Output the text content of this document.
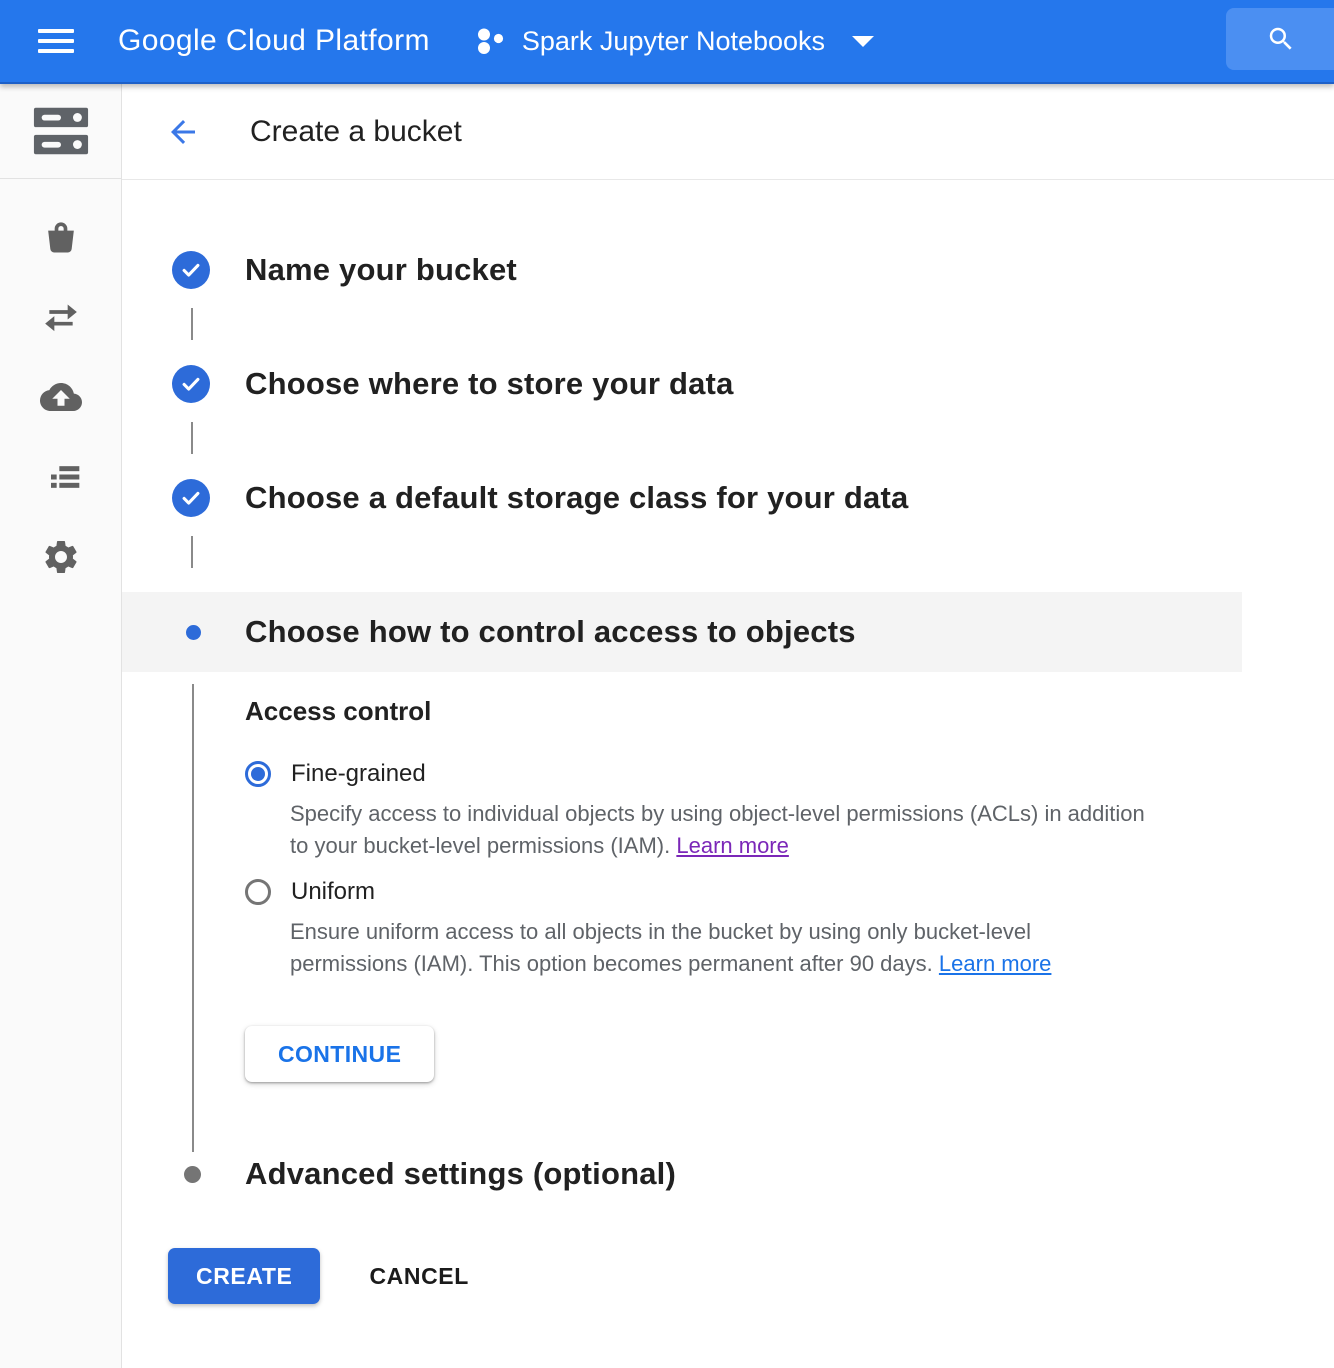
Google Cloud Platform	Spark Jupyter Notebooks
Create a bucket
Name your bucket
Choose where to store your data
Choose a default storage class for your data
Choose how to control access to objects
Access control
Fine-grained

Specify access to individual objects by using object-level permissions (ACLs) in addition to your bucket-level permissions (IAM). Learn more

Uniform

Ensure uniform access to all objects in the bucket by using only bucket-level permissions (IAM). This option becomes permanent after 90 days. Learn more

CONTINUE
Advanced settings (optional)
CREATE	CANCEL
